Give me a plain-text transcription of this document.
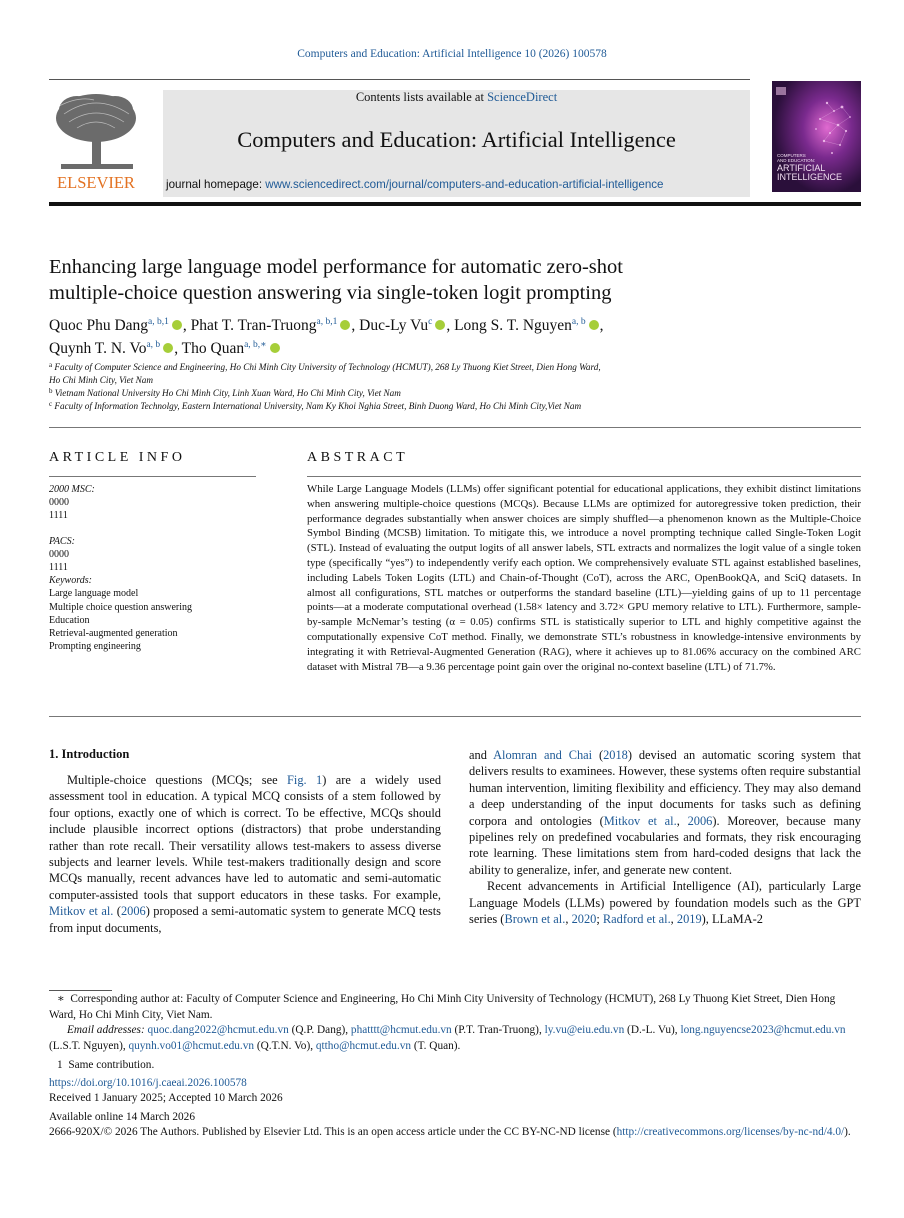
Computers and Education: Artificial Intelligence 10 (2026) 100578
ELSEVIER
Contents lists available at ScienceDirect
Computers and Education: Artificial Intelligence
journal homepage: www.sciencedirect.com/journal/computers-and-education-artificial-intelligence
COMPUTERS
AND EDUCATION:
ARTIFICIAL
INTELLIGENCE
Enhancing large language model performance for automatic zero-shot
multiple-choice question answering via single-token logit prompting
Quoc Phu Dang$^{a, b,1}$ , Phat T. Tran-Truong$^{a, b,1}$ , Duc-Ly Vu$^c$ , Long S. T. Nguyen$^{a, b}$ ,
Quynh T. N. Vo$^{a, b}$ , Tho Quan$^{a, b,∗}$
$^a$ Faculty of Computer Science and Engineering, Ho Chi Minh City University of Technology (HCMUT), 268 Ly Thuong Kiet Street, Dien Hong Ward,
Ho Chi Minh City, Viet Nam
$^b$ Vietnam National University Ho Chi Minh City, Linh Xuan Ward, Ho Chi Minh City, Viet Nam
$^c$ Faculty of Information Technolgy, Eastern International University, Nam Ky Khoi Nghia Street, Binh Duong Ward, Ho Chi Minh City,Viet Nam
ARTICLE INFO
2000 MSC:
0000
1111
PACS:
0000
1111
Keywords:
Large language model
Multiple choice question answering
Education
Retrieval-augmented generation
Prompting engineering
ABSTRACT
While Large Language Models (LLMs) offer significant potential for educational applications, they exhibit distinct limitations when answering multiple-choice questions (MCQs). Because LLMs are optimized for autoregressive token prediction, their performance degrades substantially when answer choices are simply shuffled—a phenomenon known as the Multiple-Choice Symbol Binding (MCSB) limitation. To mitigate this, we introduce a novel prompting technique called Single-Token Logit (STL). Instead of evaluating the output logits of all answer labels, STL extracts and normalizes the logit value of a single token type (specifically “yes”) to independently verify each option. We comprehensively evaluate STL against established baselines, including Labels Token Logits (LTL) and Chain-of-Thought (CoT), across the ARC, OpenBookQA, and SciQ datasets. In almost all configurations, STL matches or outperforms the standard baseline (LTL)—yielding gains of up to 11 percentage points—at a moderate computational overhead (1.58× latency and 3.72× GPU memory relative to LTL). Furthermore, sample-by-sample McNemar’s testing (α = 0.05) confirms STL is statistically superior to LTL and highly competitive against the computationally expensive CoT method. Finally, we demonstrate STL’s robustness in knowledge-intensive environments by integrating it with Retrieval-Augmented Generation (RAG), where it achieves up to 81.06% accuracy on the combined ARC dataset with Mistral 7B—a 9.36 percentage point gain over the original no-context baseline (LTL) of 71.7%.
1. Introduction

Multiple-choice questions (MCQs; see Fig. 1) are a widely used assessment tool in education. A typical MCQ consists of a stem followed by four options, exactly one of which is correct. To be effective, MCQs should include plausible incorrect options (distractors) that probe understanding rather than rote recall. Their versatility allows test-makers to assess diverse subjects and learner levels. While test-makers traditionally design and score MCQs manually, recent advances have led to automatic and semi-automatic computer-assisted tools that support educators in these tasks. For example, Mitkov et al. (2006) proposed a semi-automatic system to generate MCQ tests from input documents,

and Alomran and Chai (2018) devised an automatic scoring system that delivers results to examinees. However, these systems often require substantial human intervention, limiting flexibility and efficiency. They may also demand a deep understanding of the input documents for tasks such as defining corpora and ontologies (Mitkov et al., 2006). Moreover, because many pipelines rely on predefined vocabularies and formats, they risk encouraging rote learning. These limitations stem from hard-coded designs that lack the ability to generalize, infer, and generate new content.

Recent advancements in Artificial Intelligence (AI), particularly Large Language Models (LLMs) powered by foundation models such as the GPT series (Brown et al., 2020; Radford et al., 2019), LLaMA-2

∗ Corresponding author at: Faculty of Computer Science and Engineering, Ho Chi Minh City University of Technology (HCMUT), 268 Ly Thuong Kiet Street, Dien Hong Ward, Ho Chi Minh City, Viet Nam.

Email addresses: quoc.dang2022@hcmut.edu.vn (Q.P. Dang), phatttt@hcmut.edu.vn (P.T. Tran-Truong), ly.vu@eiu.edu.vn (D.-L. Vu), long.nguyencse2023@hcmut.edu.vn (L.S.T. Nguyen), quynh.vo01@hcmut.edu.vn (Q.T.N. Vo), qttho@hcmut.edu.vn (T. Quan).

1 Same contribution.

https://doi.org/10.1016/j.caeai.2026.100578

Received 1 January 2025; Accepted 10 March 2026

Available online 14 March 2026

2666-920X/© 2026 The Authors. Published by Elsevier Ltd. This is an open access article under the CC BY-NC-ND license (http://creativecommons.org/licenses/by-nc-nd/4.0/).
